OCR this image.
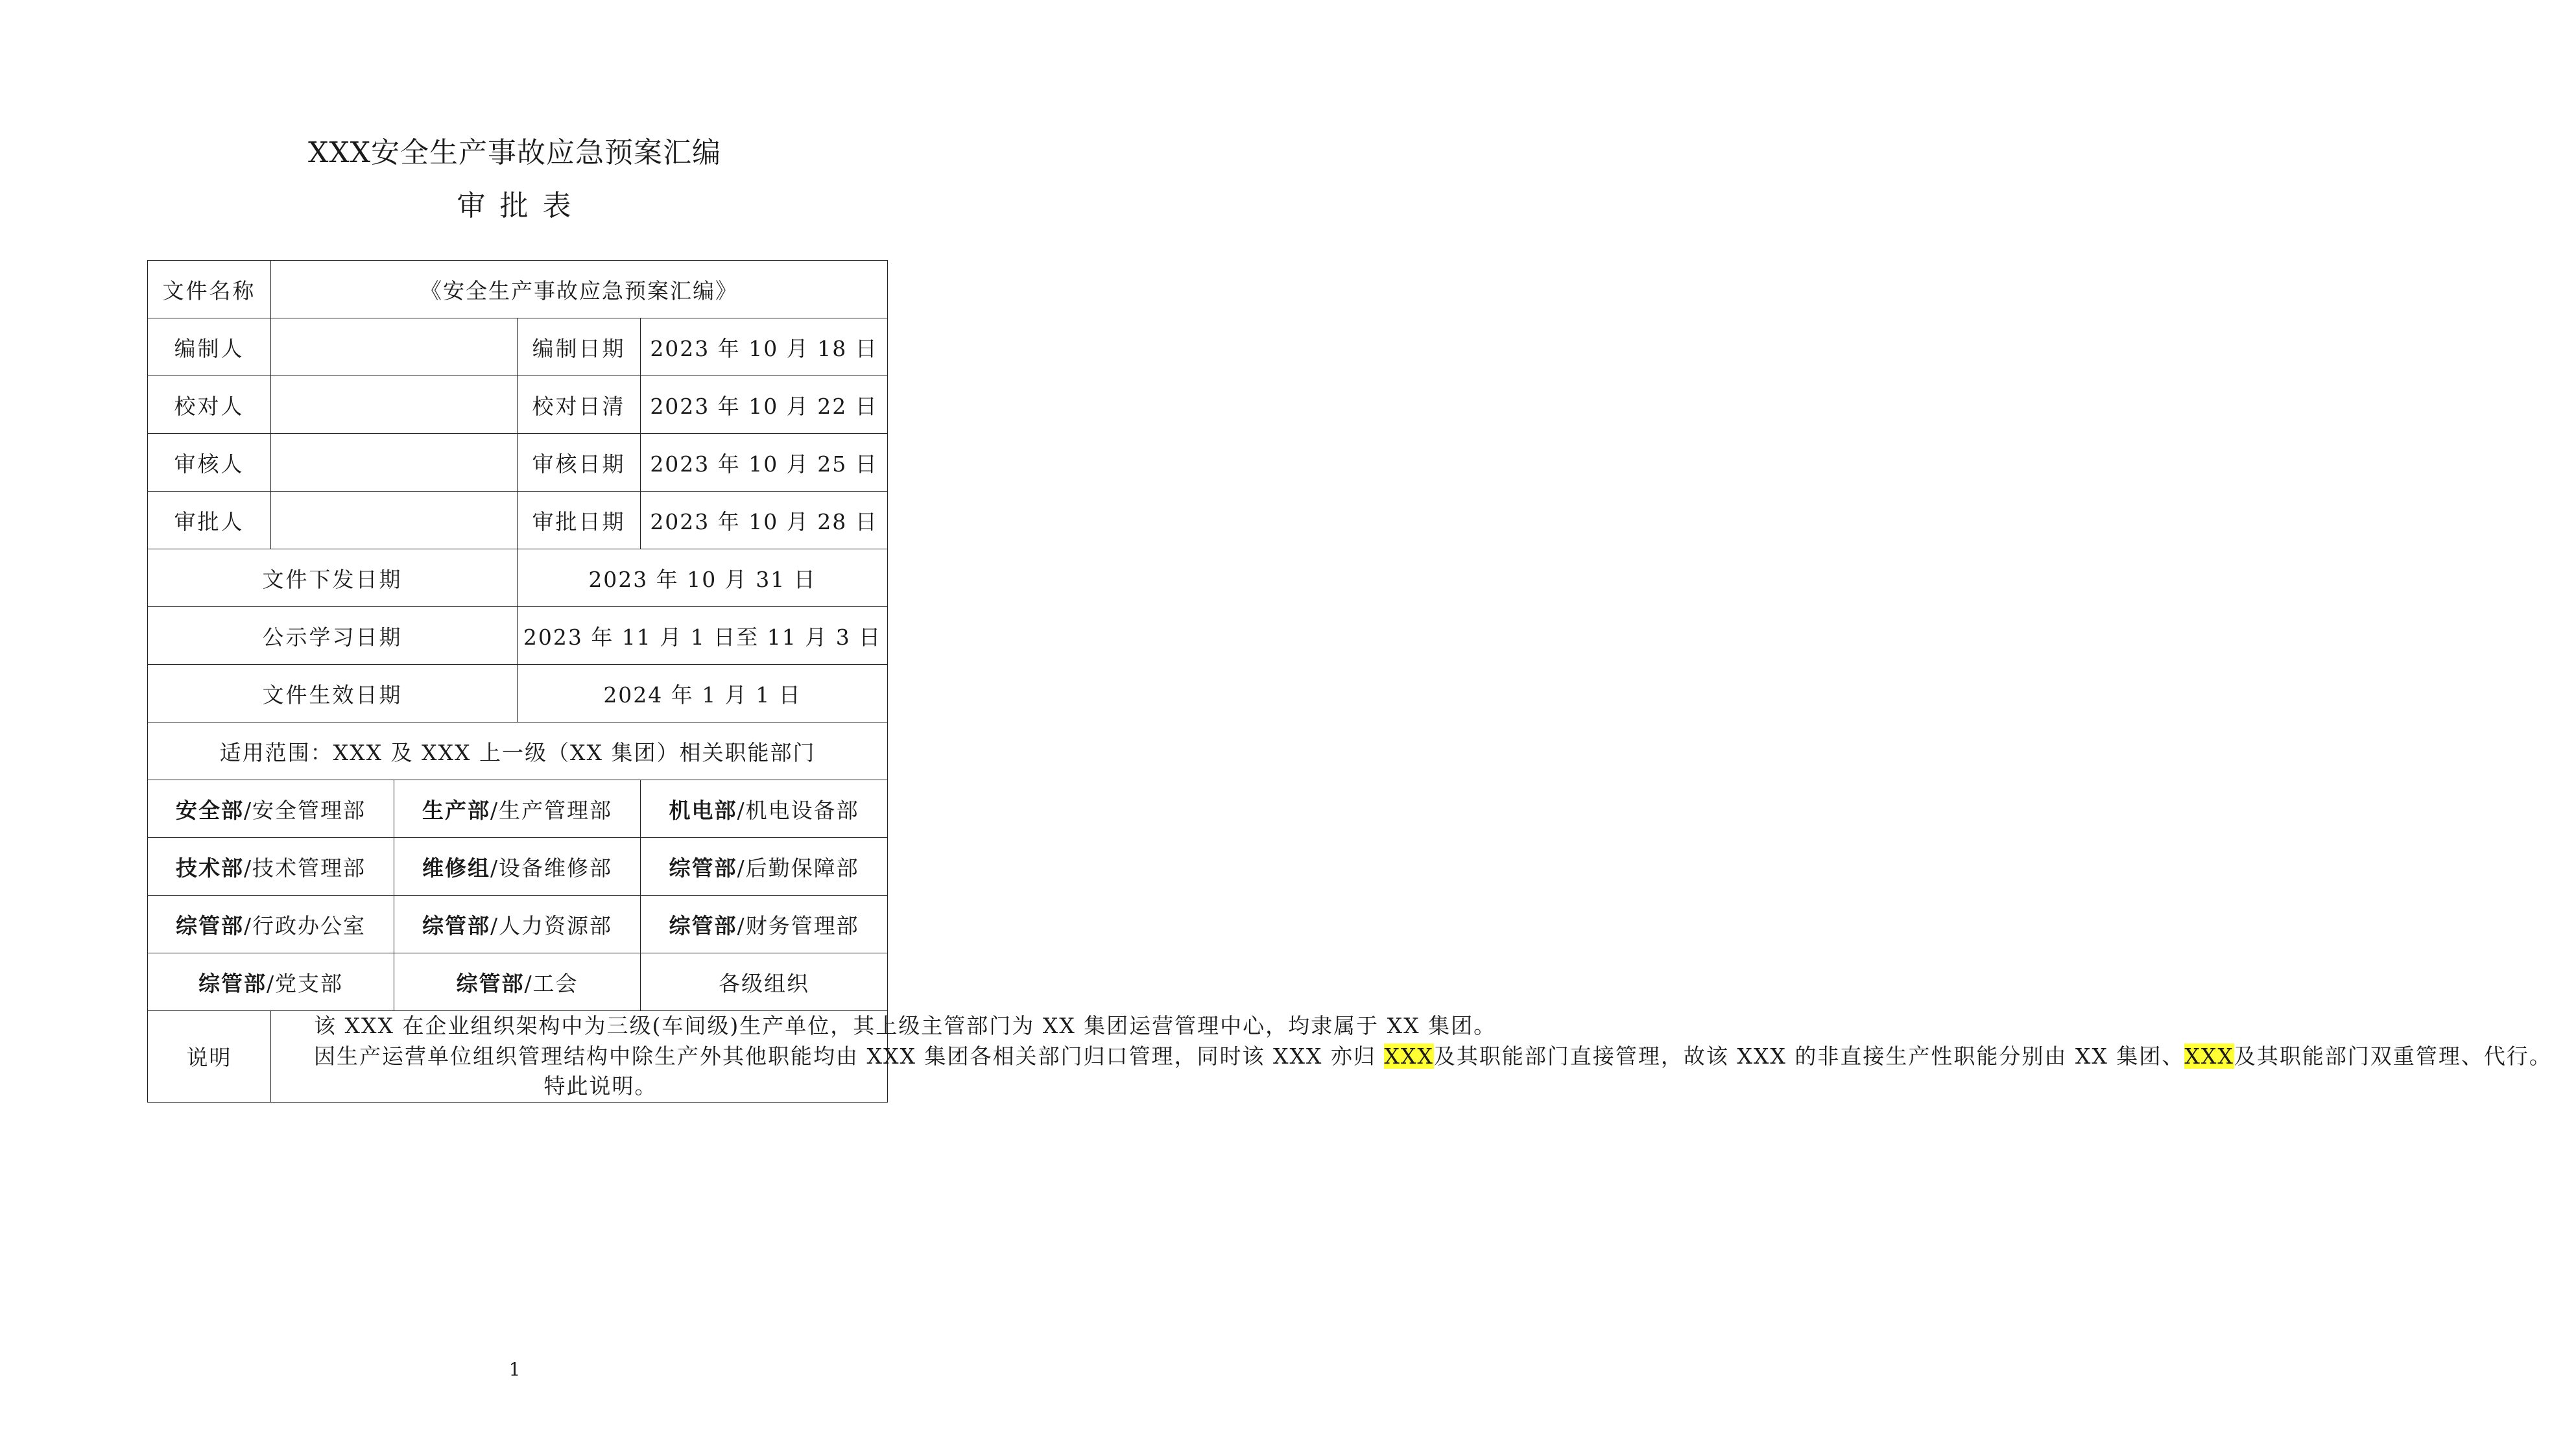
XXX安全生产事故应急预案汇编
审批表
文件名称	《安全生产事故应急预案汇编》			
编制人			编制日期	2023 年 10 月 18 日
校对人			校对日清	2023 年 10 月 22 日
审核人			审核日期	2023 年 10 月 25 日
审批人			审批日期	2023 年 10 月 28 日
文件下发日期			2023 年 10 月 31 日	
公示学习日期			2023 年 11 月 1 日至 11 月 3 日	
文件生效日期			2024 年 1 月 1 日	
适用范围：XXX 及 XXX 上一级（XX 集团）相关职能部门				
安全部/安全管理部		生产部/生产管理部		机电部/机电设备部
技术部/技术管理部		维修组/设备维修部		综管部/后勤保障部
综管部/行政办公室		综管部/人力资源部		综管部/财务管理部
综管部/党支部		综管部/工会		各级组织
说明	该 XXX 在企业组织架构中为三级(车间级)生产单位，其上级主管部门为 XX 集团运营管理中心，均隶属于 XX 集团。

因生产运营单位组织管理结构中除生产外其他职能均由 XXX 集团各相关部门归口管理，同时该 XXX 亦归 XXX及其职能部门直接管理，故该 XXX 的非直接生产性职能分别由 XX 集团、XXX及其职能部门双重管理、代行。

特此说明。			

1
